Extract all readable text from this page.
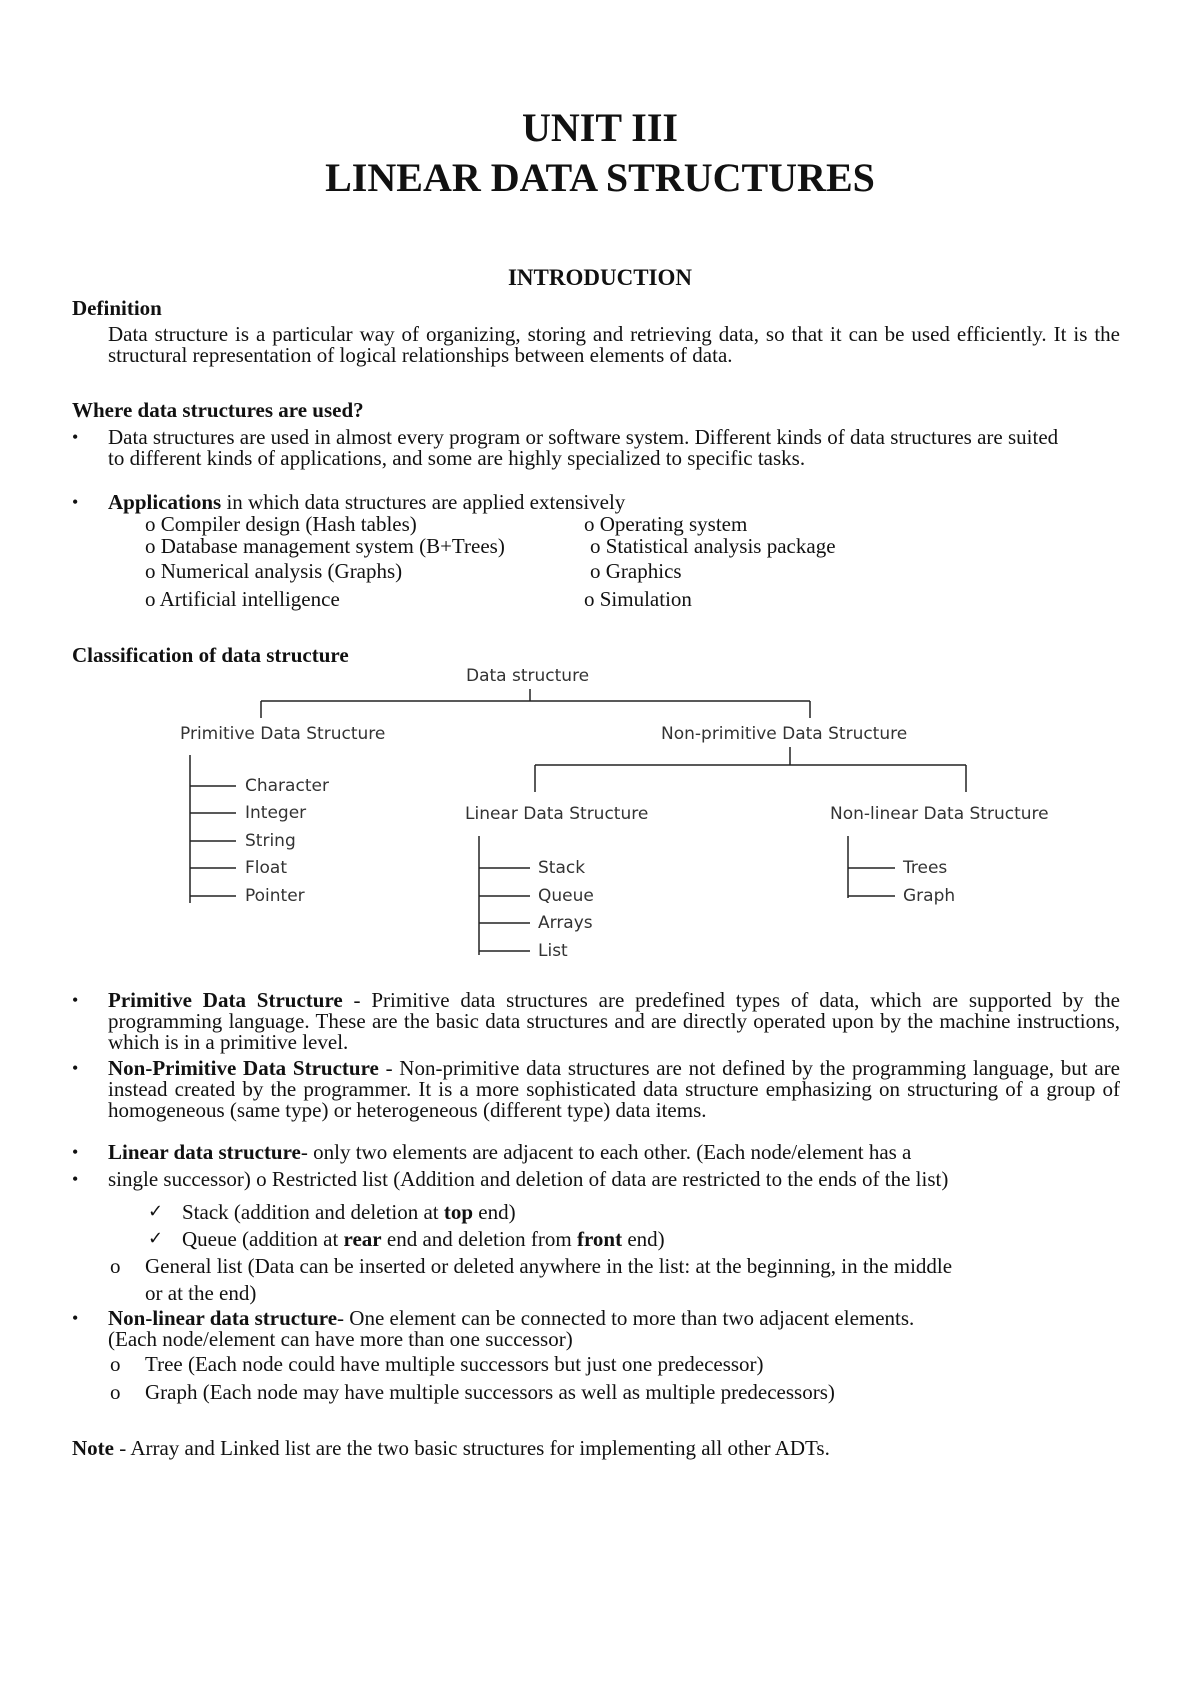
UNIT III
LINEAR DATA STRUCTURES
INTRODUCTION
Definition
Data structure is a particular way of organizing, storing and retrieving data, so that it can be used efficiently. It is the structural representation of logical relationships between elements of data.
Where data structures are used?
• Data structures are used in almost every program or software system. Different kinds of data structures are suited to different kinds of applications, and some are highly specialized to specific tasks.
• Applications in which data structures are applied extensively
o Compiler design (Hash tables)	o Operating system
o Database management system (B+Trees)	o Statistical analysis package
o Numerical analysis (Graphs)	o Graphics
o Artificial intelligence	o Simulation
Classification of data structure
Data structure
Primitive Data Structure	Non-primitive Data Structure
Character
Integer
String
Float
Pointer
Linear Data Structure	Non-linear Data Structure
Stack
Queue
Arrays
List
Trees
Graph
• Primitive Data Structure - Primitive data structures are predefined types of data, which are supported by the programming language. These are the basic data structures and are directly operated upon by the machine instructions, which is in a primitive level.
• Non-Primitive Data Structure - Non-primitive data structures are not defined by the programming language, but are instead created by the programmer. It is a more sophisticated data structure emphasizing on structuring of a group of homogeneous (same type) or heterogeneous (different type) data items.
• Linear data structure- only two elements are adjacent to each other. (Each node/element has a
• single successor) o Restricted list (Addition and deletion of data are restricted to the ends of the list)
✓ Stack (addition and deletion at top end)
✓ Queue (addition at rear end and deletion from front end)
o General list (Data can be inserted or deleted anywhere in the list: at the beginning, in the middle
or at the end)
• Non-linear data structure- One element can be connected to more than two adjacent elements.
(Each node/element can have more than one successor)
o Tree (Each node could have multiple successors but just one predecessor)
o Graph (Each node may have multiple successors as well as multiple predecessors)
Note - Array and Linked list are the two basic structures for implementing all other ADTs.
